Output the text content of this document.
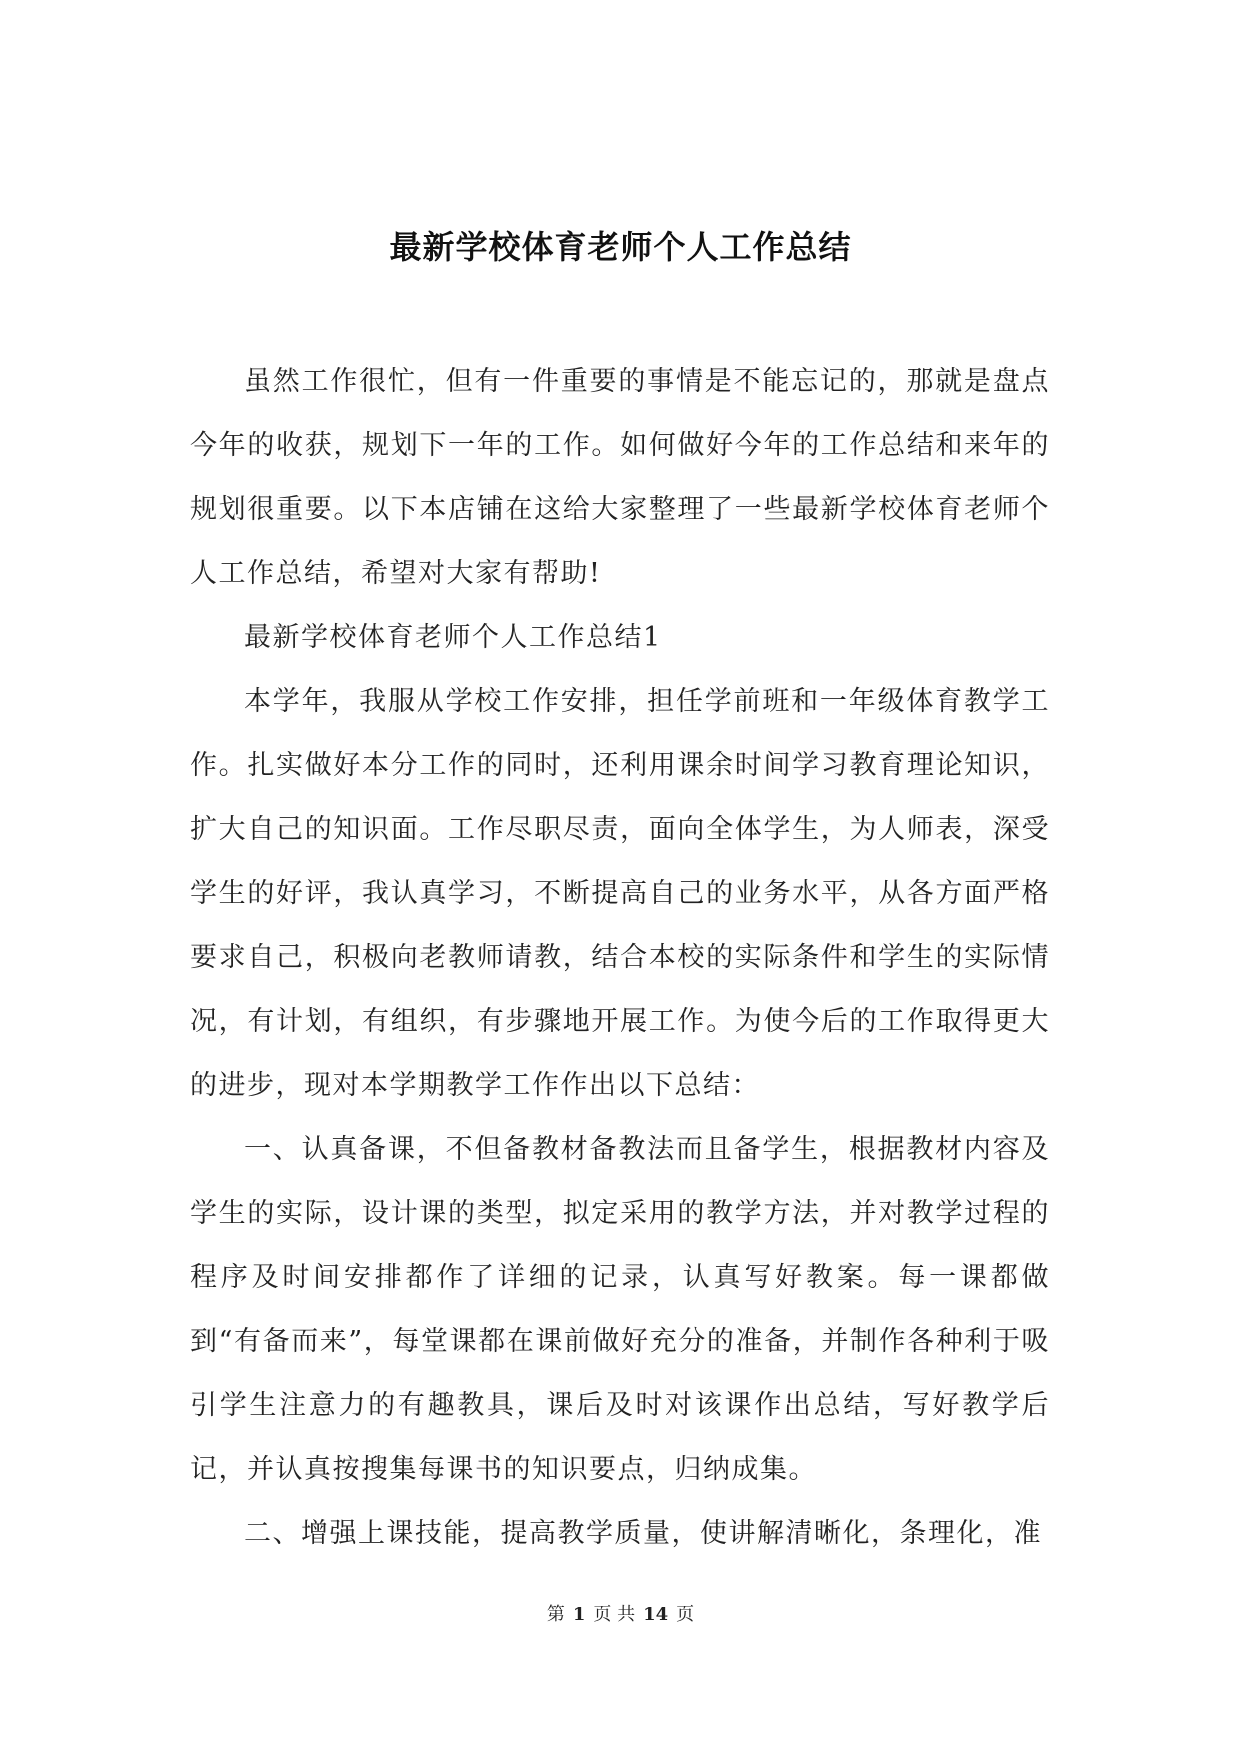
最新学校体育老师个人工作总结

虽然工作很忙，但有一件重要的事情是不能忘记的，那就是盘点今年的收获，规划下一年的工作。如何做好今年的工作总结和来年的规划很重要。以下本店铺在这给大家整理了一些最新学校体育老师个人工作总结，希望对大家有帮助!

最新学校体育老师个人工作总结1

本学年，我服从学校工作安排，担任学前班和一年级体育教学工作。扎实做好本分工作的同时，还利用课余时间学习教育理论知识，扩大自己的知识面。工作尽职尽责，面向全体学生，为人师表，深受学生的好评，我认真学习，不断提高自己的业务水平，从各方面严格要求自己，积极向老教师请教，结合本校的实际条件和学生的实际情况，有计划，有组织，有步骤地开展工作。为使今后的工作取得更大的进步，现对本学期教学工作作出以下总结：

一、认真备课，不但备教材备教法而且备学生，根据教材内容及学生的实际，设计课的类型，拟定采用的教学方法，并对教学过程的程序及时间安排都作了详细的记录，认真写好教案。每一课都做到“有备而来”，每堂课都在课前做好充分的准备，并制作各种利于吸引学生注意力的有趣教具，课后及时对该课作出总结，写好教学后记，并认真按搜集每课书的知识要点，归纳成集。

二、增强上课技能，提高教学质量，使讲解清晰化，条理化，准

第 1 页 共 14 页
